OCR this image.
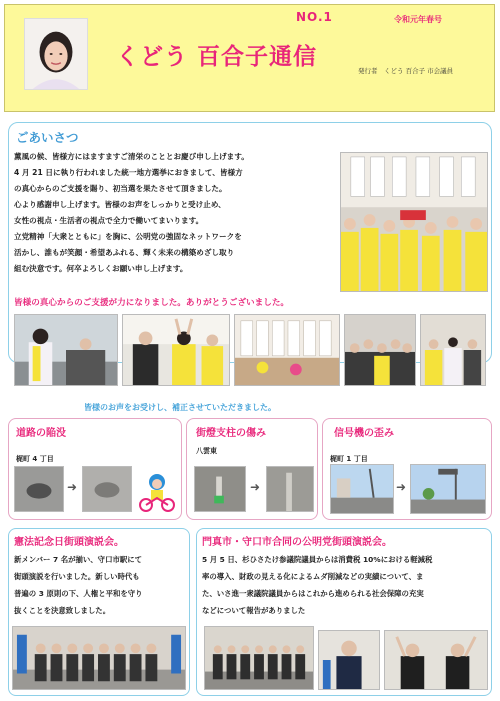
NO.1	令和元年春号
くどう 百合子通信
発行者　くどう 百合子 市会議員
ごあいさつ
薫風の候、皆様方にはますますご清栄のこととお慶び申し上げます。
4 月 21 日に執り行われました統一地方選挙におきまして、皆様方
の真心からのご支援を賜り、初当選を果たさせて頂きました。
心より感謝申し上げます。皆様のお声をしっかりと受け止め、
女性の視点・生活者の視点で全力で働いてまいります。
立党精神「大衆とともに」を胸に、公明党の強固なネットワークを
活かし、誰もが笑顔・希望あふれる、輝く未来の構築めざし取り
組む決意です。何卒よろしくお願い申し上げます。
皆様の真心からのご支援が力になりました。ありがとうございました。
皆様のお声をお受けし、補正させていただきました。
道路の陥没
梶町 4 丁目
➜
街燈支柱の傷み
八雲東
➜
信号機の歪み
梶町 1 丁目
➜
憲法記念日街頭演説会。
新メンバー 7 名が揃い、守口市駅にて
街頭演説を行いました。新しい時代も
普遍の 3 原則の下、人権と平和を守り
抜くことを決意致しました。
門真市・守口市合同の公明党街頭演説会。
5 月 5 日、杉ひさたけ参議院議員からは消費税 10%における軽減税
率の導入、財政の見える化によるムダ削減などの実績について、ま
た、いさ進一衆議院議員からはこれから進められる社会保障の充実
などについて報告がありました
